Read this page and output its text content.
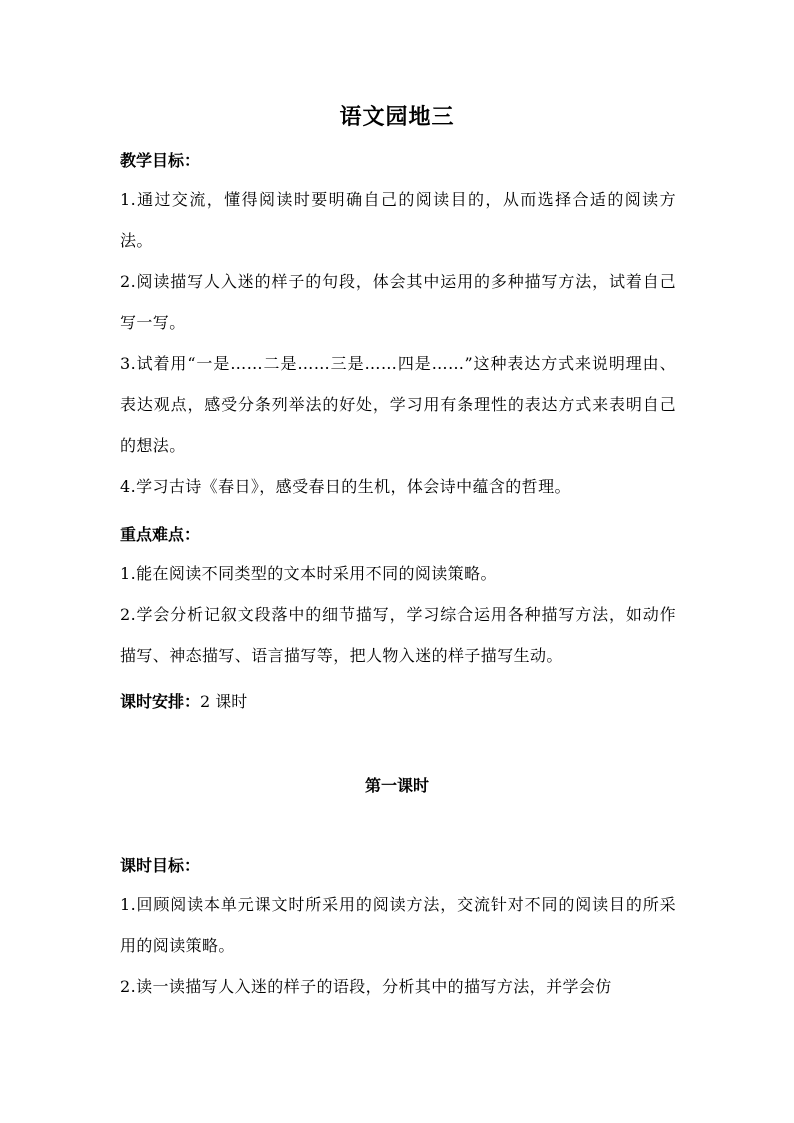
语文园地三
教学目标：
1.通过交流，懂得阅读时要明确自己的阅读目的，从而选择合适的阅读方法。
2.阅读描写人入迷的样子的句段，体会其中运用的多种描写方法，试着自己写一写。
3.试着用“一是……二是……三是……四是……”这种表达方式来说明理由、表达观点，感受分条列举法的好处，学习用有条理性的表达方式来表明自己的想法。
4.学习古诗《春日》，感受春日的生机，体会诗中蕴含的哲理。
重点难点：
1.能在阅读不同类型的文本时采用不同的阅读策略。
2.学会分析记叙文段落中的细节描写，学习综合运用各种描写方法，如动作描写、神态描写、语言描写等，把人物入迷的样子描写生动。
课时安排：2 课时
第一课时
课时目标：
1.回顾阅读本单元课文时所采用的阅读方法，交流针对不同的阅读目的所采用的阅读策略。
2.读一读描写人入迷的样子的语段，分析其中的描写方法，并学会仿
